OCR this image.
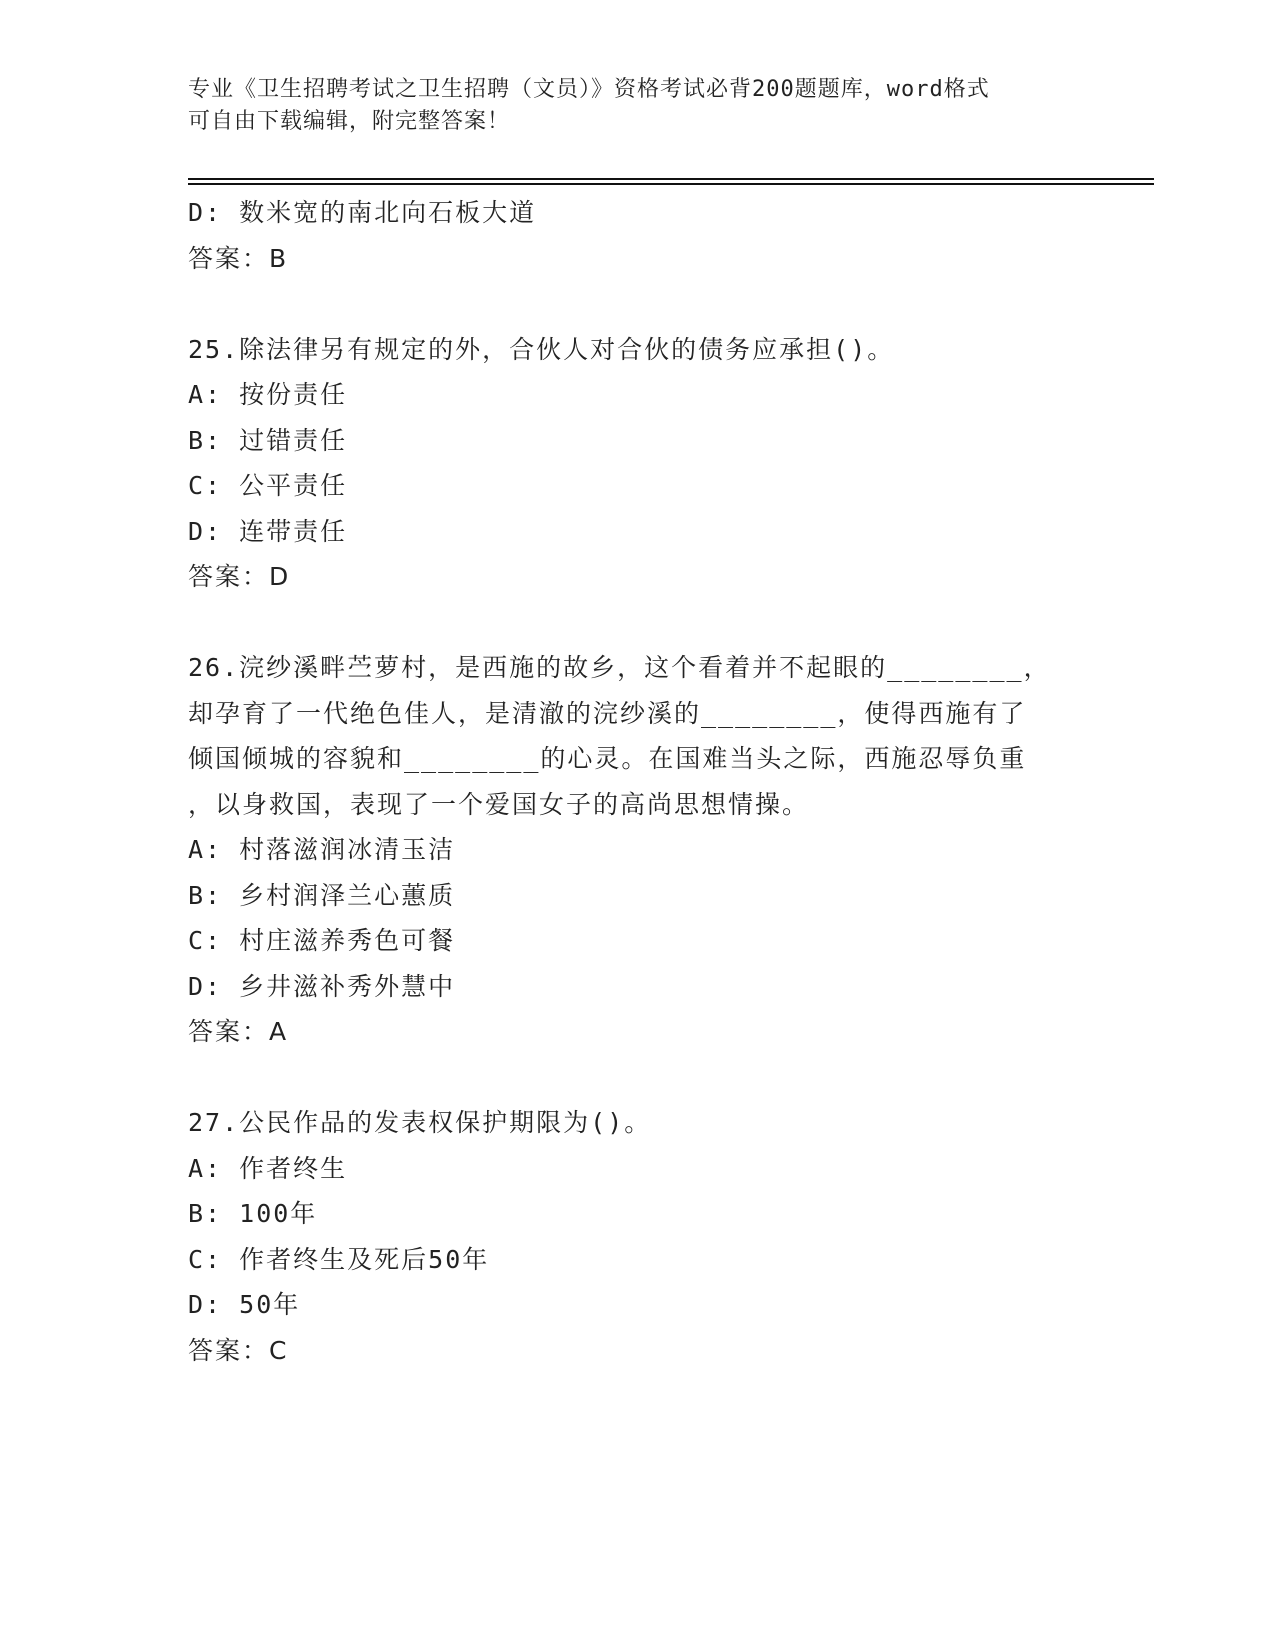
专业《卫生招聘考试之卫生招聘（文员）》资格考试必背200题题库，word格式
可自由下载编辑，附完整答案！
D: 数米宽的南北向石板大道
答案：B
25.除法律另有规定的外，合伙人对合伙的债务应承担()。
A: 按份责任
B: 过错责任
C: 公平责任
D: 连带责任
答案：D
26.浣纱溪畔苎萝村，是西施的故乡，这个看着并不起眼的________，
却孕育了一代绝色佳人，是清澈的浣纱溪的________，使得西施有了
倾国倾城的容貌和________的心灵。在国难当头之际，西施忍辱负重
，以身救国，表现了一个爱国女子的高尚思想情操。
A: 村落滋润冰清玉洁
B: 乡村润泽兰心蕙质
C: 村庄滋养秀色可餐
D: 乡井滋补秀外慧中
答案：A
27.公民作品的发表权保护期限为()。
A: 作者终生
B: 100年
C: 作者终生及死后50年
D: 50年
答案：C
